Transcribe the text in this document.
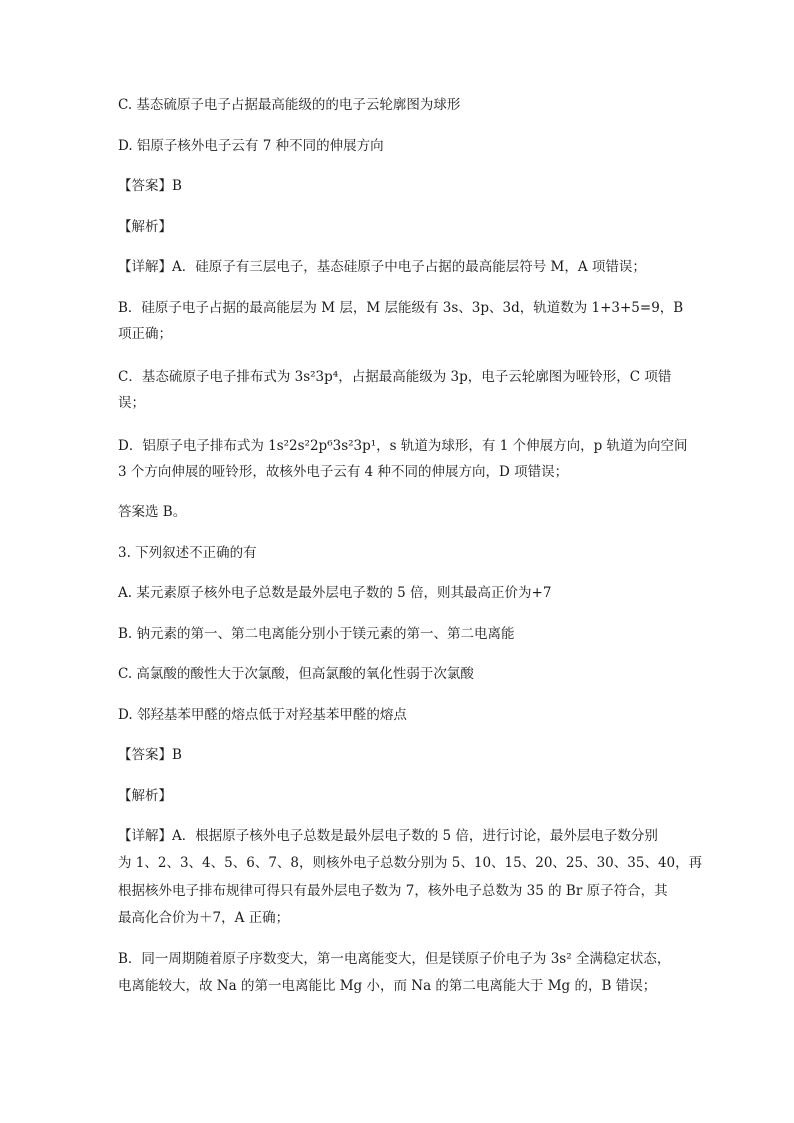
C. 基态硫原子电子占据最高能级的的电子云轮廓图为球形
D. 铝原子核外电子云有 7 种不同的伸展方向
【答案】B
【解析】
【详解】A．硅原子有三层电子，基态硅原子中电子占据的最高能层符号 M，A 项错误；
B．硅原子电子占据的最高能层为 M 层，M 层能级有 3s、3p、3d，轨道数为 1+3+5=9，B
项正确；
C．基态硫原子电子排布式为 3s²3p⁴，占据最高能级为 3p，电子云轮廓图为哑铃形，C 项错
误；
D．铝原子电子排布式为 1s²2s²2p⁶3s²3p¹，s 轨道为球形，有 1 个伸展方向，p 轨道为向空间
3 个方向伸展的哑铃形，故核外电子云有 4 种不同的伸展方向，D 项错误；
答案选 B。
3. 下列叙述不正确的有
A. 某元素原子核外电子总数是最外层电子数的 5 倍，则其最高正价为+7
B. 钠元素的第一、第二电离能分别小于镁元素的第一、第二电离能
C. 高氯酸的酸性大于次氯酸，但高氯酸的氧化性弱于次氯酸
D. 邻羟基苯甲醛的熔点低于对羟基苯甲醛的熔点
【答案】B
【解析】
【详解】A．根据原子核外电子总数是最外层电子数的 5 倍，进行讨论，最外层电子数分别
为 1、2、3、4、5、6、7、8，则核外电子总数分别为 5、10、15、20、25、30、35、40，再
根据核外电子排布规律可得只有最外层电子数为 7，核外电子总数为 35 的 Br 原子符合，其
最高化合价为＋7，A 正确；
B．同一周期随着原子序数变大，第一电离能变大，但是镁原子价电子为 3s² 全满稳定状态，
电离能较大，故 Na 的第一电离能比 Mg 小，而 Na 的第二电离能大于 Mg 的，B 错误；
